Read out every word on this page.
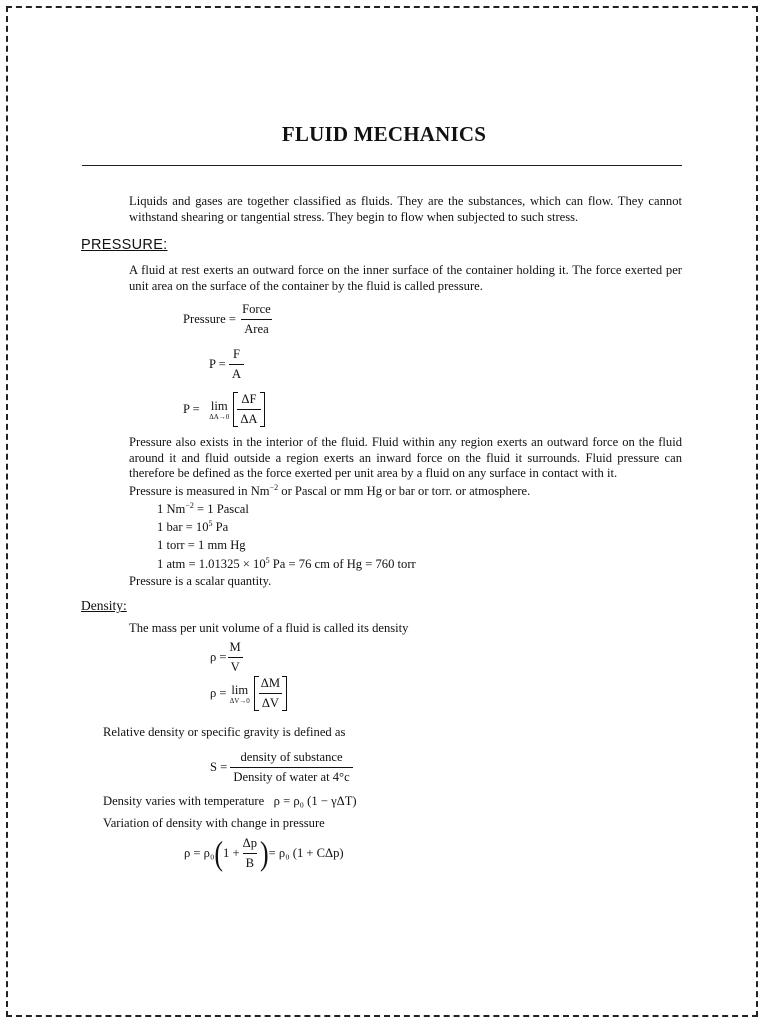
FLUID MECHANICS
Liquids and gases are together classified as fluids. They are the substances, which can flow. They cannot withstand shearing or tangential stress. They begin to flow when subjected to such stress.
PRESSURE:
A fluid at rest exerts an outward force on the inner surface of the container holding it. The force exerted per unit area on the surface of the container by the fluid is called pressure.
Pressure =
$\frac{\text{Force}}{\text{Area}}$
P =
$\frac{F}{A}$
P =
lim
$\Delta A\to 0 \frac{\Delta F}{\Delta A}$
Pressure also exists in the interior of the fluid. Fluid within any region exerts an outward force on the fluid around it and fluid outside a region exerts an inward force on the fluid it surrounds. Fluid pressure can therefore be defined as the force exerted per unit area by a fluid on any surface in contact with it.
Pressure is measured in $Nm^{-2}$ or Pascal or mm Hg or bar or torr. or atmosphere.
1 $Nm^{-2} = 1$ Pascal
1 bar = $10^5$ Pa
1 torr = 1 mm Hg
1 atm = $1.01325 \times 10^5$ Pa = 76 cm of Hg = 760 torr
Pressure is a scalar quantity.
Density:
The mass per unit volume of a fluid is called its density
$\rho = \frac{M}{V}$
ρ =
lim
$\Delta V\to 0 \frac{\Delta M}{\Delta V}$
Relative density or specific gravity is defined as
S =
$\frac{\text{density of substance}}{\text{Density of water at 4°c}}$
Density varies with temperature ρ = ρ₀ (1 − γΔT)
Variation of density with change in pressure
ρ = ρ₀ ( $1 + \frac{\Delta p}{B}$ ) = ρ₀ (1 + CΔp)
